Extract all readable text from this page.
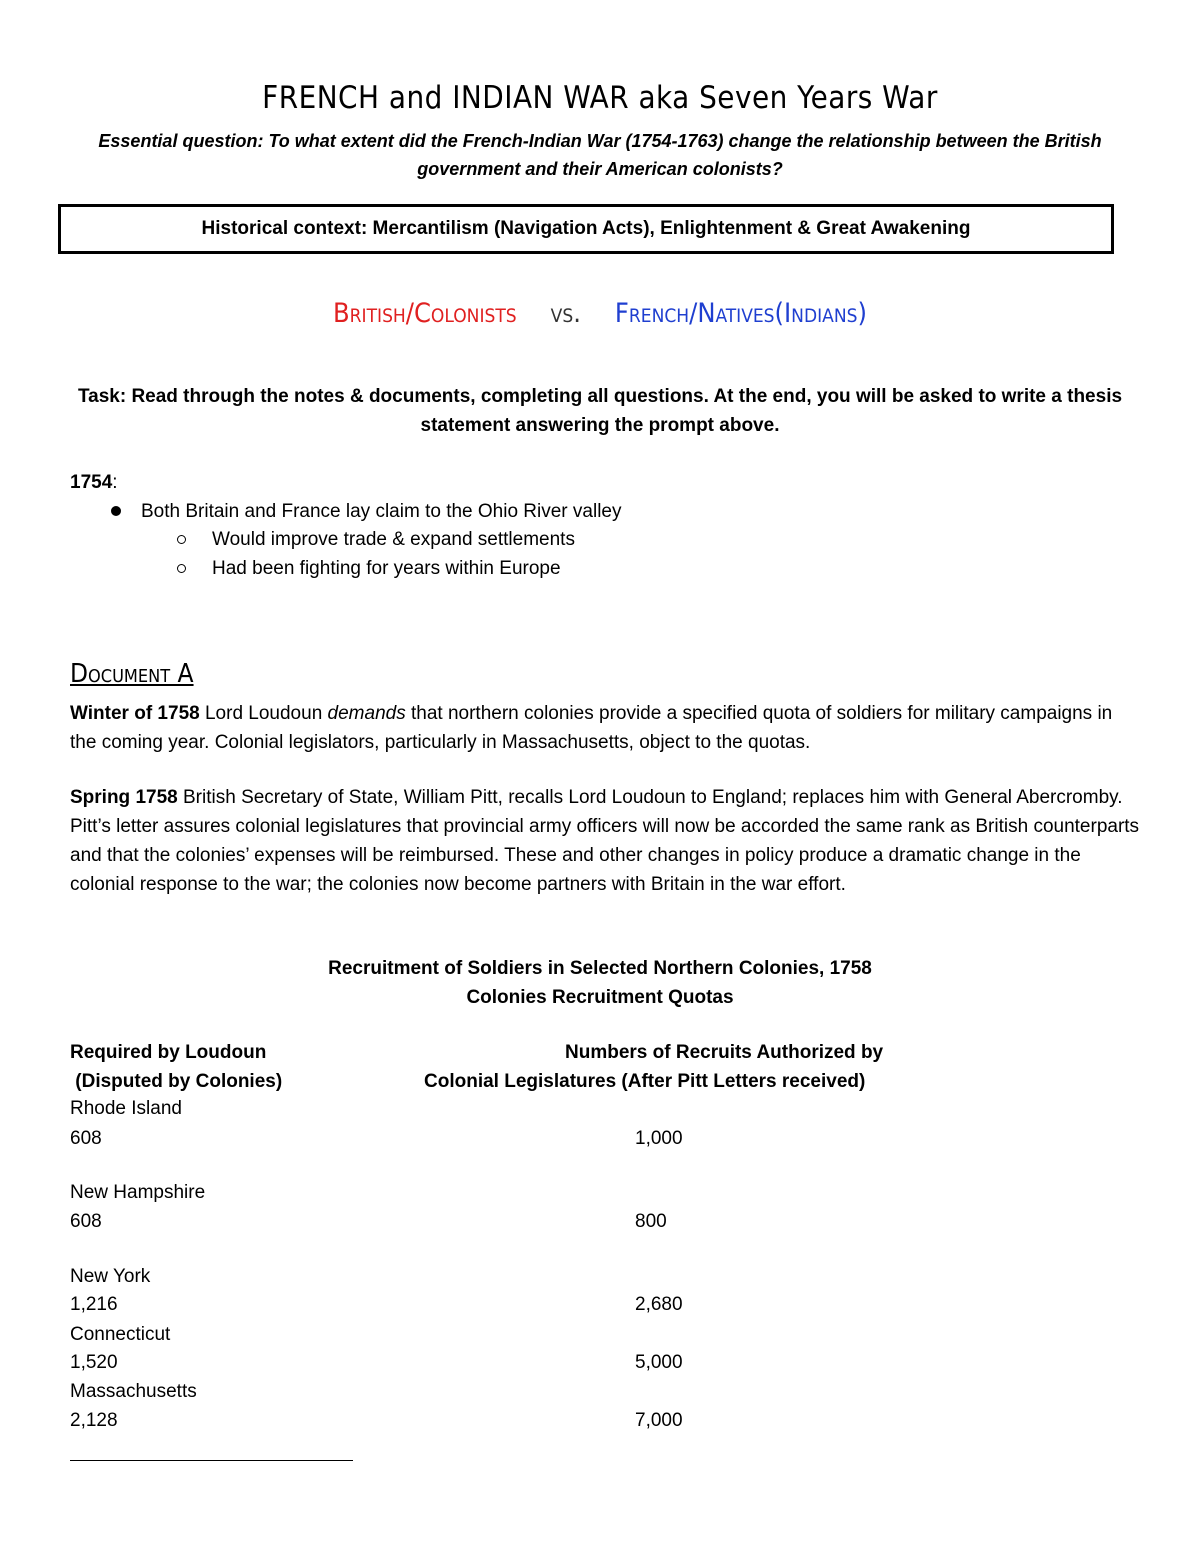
FRENCH and INDIAN WAR aka Seven Years War
Essential question: To what extent did the French-Indian War (1754-1763) change the relationship between the British government and their American colonists?
Historical context: Mercantilism (Navigation Acts), Enlightenment & Great Awakening
British/Colonists vs. French/Natives(Indians)
Task: Read through the notes & documents, completing all questions. At the end, you will be asked to write a thesis statement answering the prompt above.
1754:
Both Britain and France lay claim to the Ohio River valley
Would improve trade & expand settlements
Had been fighting for years within Europe
Document A
Winter of 1758 Lord Loudoun demands that northern colonies provide a specified quota of soldiers for military campaigns in the coming year. Colonial legislators, particularly in Massachusetts, object to the quotas.
Spring 1758 British Secretary of State, William Pitt, recalls Lord Loudoun to England; replaces him with General Abercromby. Pitt’s letter assures colonial legislatures that provincial army officers will now be accorded the same rank as British counterparts and that the colonies’ expenses will be reimbursed. These and other changes in policy produce a dramatic change in the colonial response to the war; the colonies now become partners with Britain in the war effort.
Recruitment of Soldiers in Selected Northern Colonies, 1758
Colonies Recruitment Quotas
Required by Loudoun
(Disputed by Colonies)
Numbers of Recruits Authorized by
Colonial Legislatures (After Pitt Letters received)
Rhode Island
608	1,000
New Hampshire
608	800
New York
1,216	2,680
Connecticut
1,520	5,000
Massachusetts
2,128	7,000
